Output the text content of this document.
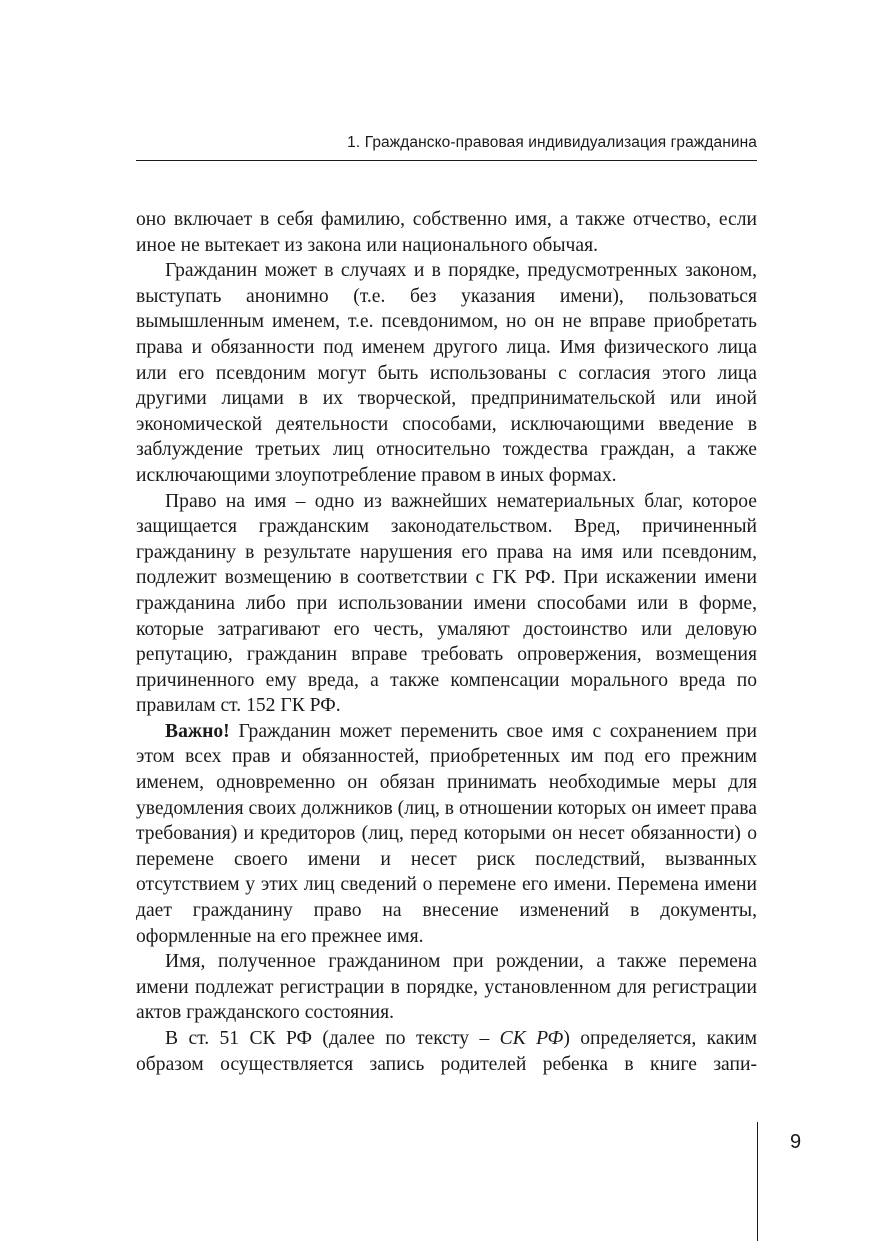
1. Гражданско-правовая индивидуализация гражданина

оно включает в себя фамилию, собственно имя, а также отчество, если иное не вытекает из закона или национального обычая.

Гражданин может в случаях и в порядке, предусмотренных законом, выступать анонимно (т.е. без указания имени), пользоваться вымышленным именем, т.е. псевдонимом, но он не вправе приобретать права и обязанности под именем другого лица. Имя физического лица или его псевдоним могут быть использованы с согласия этого лица другими лицами в их творческой, предпринимательской или иной экономической деятельности способами, исключающими введение в заблуждение третьих лиц относительно тождества граждан, а также исключающими злоупотребление правом в иных формах.

Право на имя – одно из важнейших нематериальных благ, которое защищается гражданским законодательством. Вред, причиненный гражданину в результате нарушения его права на имя или псевдоним, подлежит возмещению в соответствии с ГК РФ. При искажении имени гражданина либо при использовании имени способами или в форме, которые затрагивают его честь, умаляют достоинство или деловую репутацию, гражданин вправе требовать опровержения, возмещения причиненного ему вреда, а также компенсации морального вреда по правилам ст. 152 ГК РФ.

Важно! Гражданин может переменить свое имя с сохранением при этом всех прав и обязанностей, приобретенных им под его прежним именем, одновременно он обязан принимать необходимые меры для уведомления своих должников (лиц, в отношении которых он имеет права требования) и кредиторов (лиц, перед которыми он несет обязанности) о перемене своего имени и несет риск последствий, вызванных отсутствием у этих лиц сведений о перемене его имени. Перемена имени дает гражданину право на внесение изменений в документы, оформленные на его прежнее имя.

Имя, полученное гражданином при рождении, а также перемена имени подлежат регистрации в порядке, установленном для регистрации актов гражданского состояния.

В ст. 51 СК РФ (далее по тексту – СК РФ) определяется, каким образом осуществляется запись родителей ребенка в книге запи-

9
